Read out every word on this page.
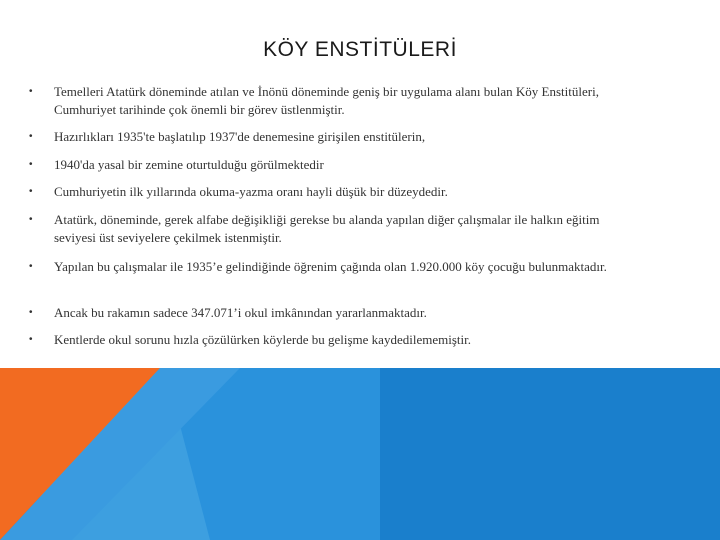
KÖY ENSTİTÜLERİ
• Temelleri Atatürk döneminde atılan ve İnönü döneminde geniş bir uygulama alanı bulan Köy Enstitüleri, Cumhuriyet tarihinde çok önemli bir görev üstlenmiştir.
• Hazırlıkları 1935'te başlatılıp 1937'de denemesine girişilen enstitülerin,
• 1940'da yasal bir zemine oturtulduğu görülmektedir
• Cumhuriyetin ilk yıllarında okuma-yazma oranı hayli düşük bir düzeydedir.
• Atatürk, döneminde, gerek alfabe değişikliği gerekse bu alanda yapılan diğer çalışmalar ile halkın eğitim seviyesi üst seviyelere çekilmek istenmiştir.
• Yapılan bu çalışmalar ile 1935’e gelindiğinde öğrenim çağında olan 1.920.000 köy çocuğu bulunmaktadır.
• Ancak bu rakamın sadece 347.071’i okul imkânından yararlanmaktadır.
• Kentlerde okul sorunu hızla çözülürken köylerde bu gelişme kaydedilememiştir.
